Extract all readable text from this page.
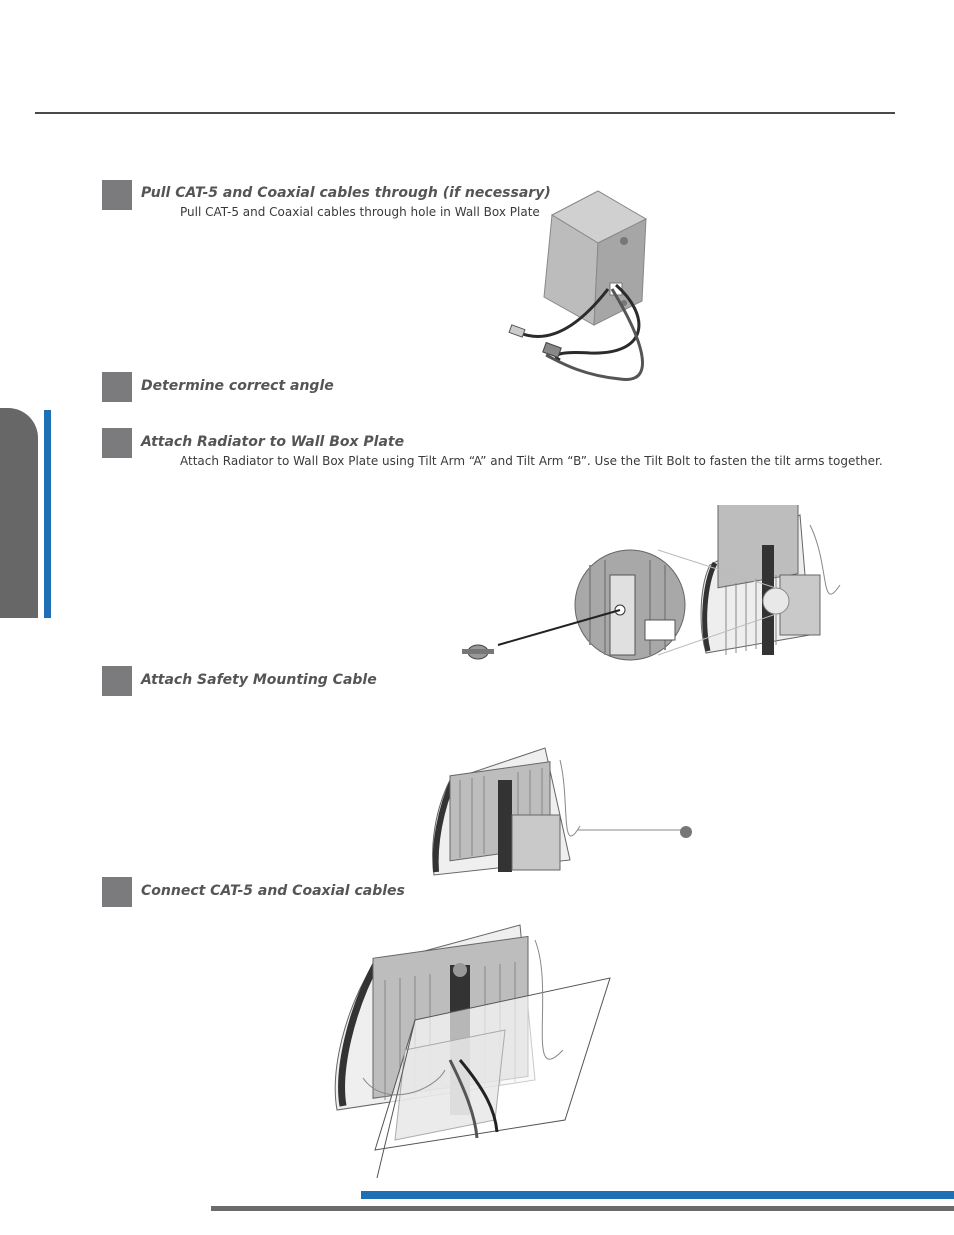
Pull CAT-5 and Coaxial cables through (if necessary)
Pull CAT-5 and Coaxial cables through hole in Wall Box Plate
Determine correct angle
Attach Radiator to Wall Box Plate
Attach Radiator to Wall Box Plate using Tilt Arm “A” and Tilt Arm “B”. Use the Tilt Bolt to fasten the tilt arms together.
Attach Safety Mounting Cable
Connect CAT-5 and Coaxial cables
